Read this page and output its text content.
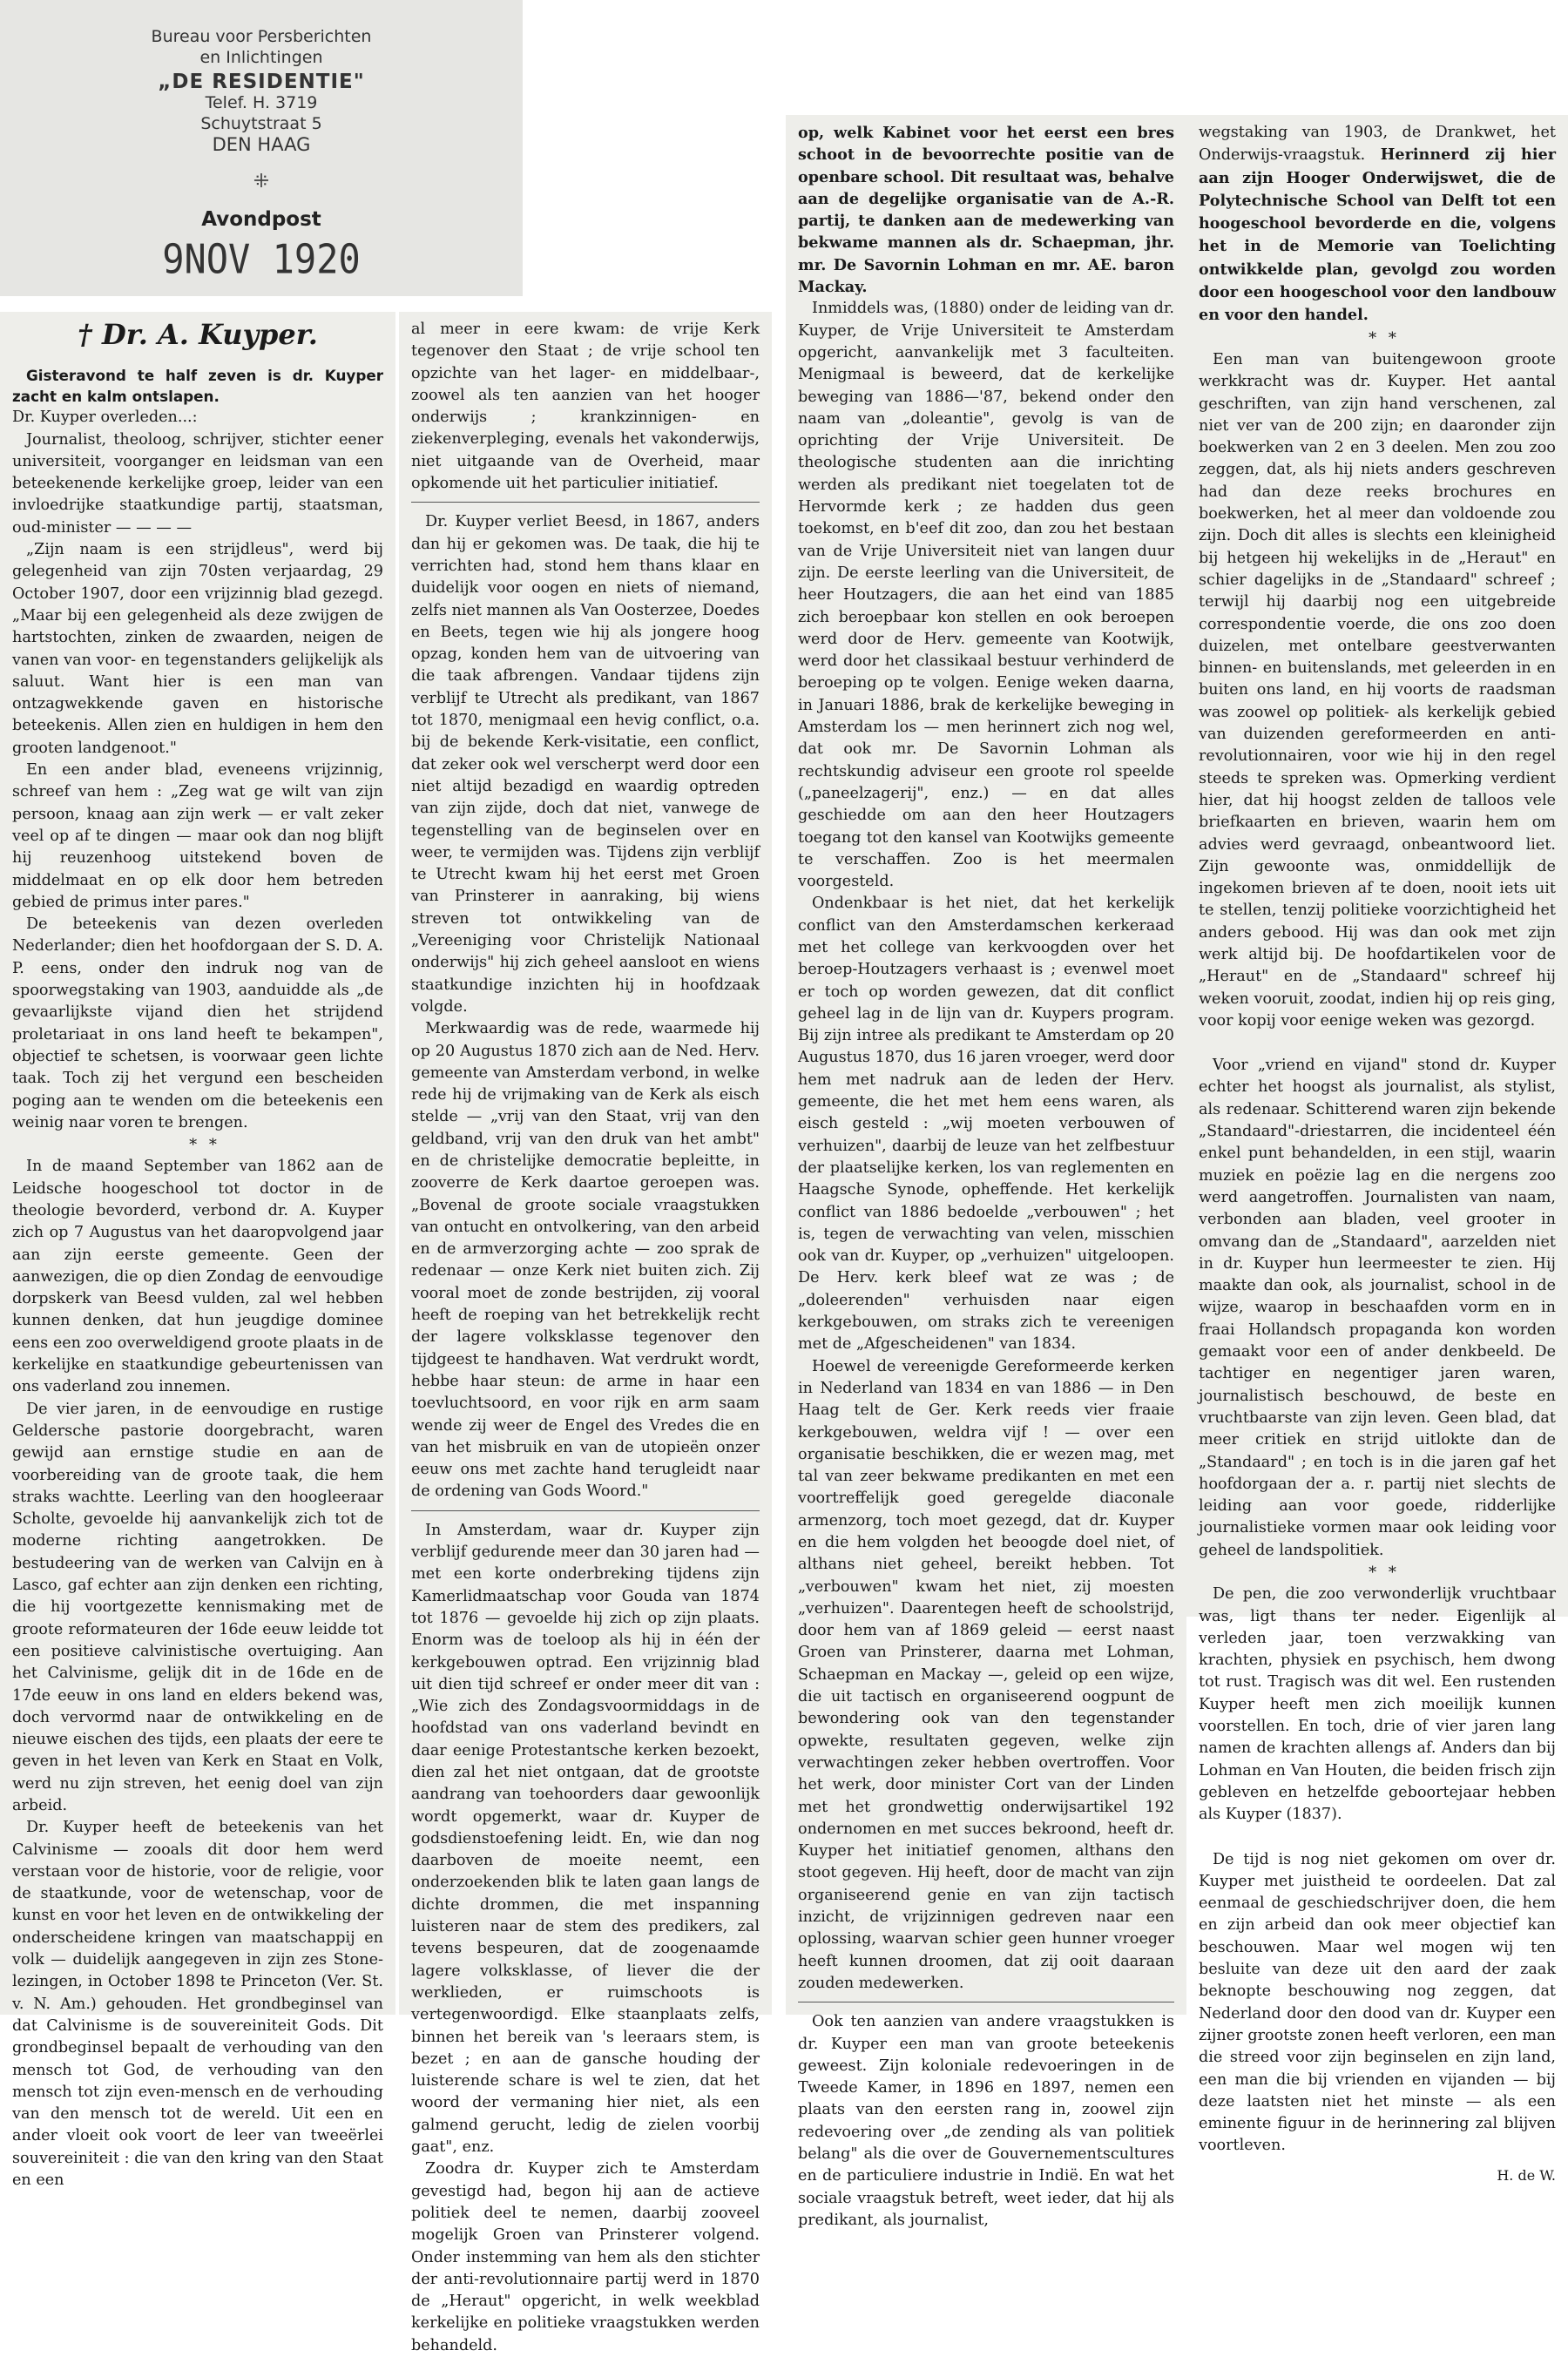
Bureau voor Persberichten

en Inlichtingen

„DE RESIDENTIE"

Telef. H. 3719

Schuytstraat 5

DEN HAAG

⁜

Avondpost

9NOV 1920

† Dr. A. Kuyper.

Gisteravond te half zeven is dr. Kuyper zacht en kalm ontslapen.

Dr. Kuyper overleden...:

Journalist, theoloog, schrijver, stichter eener universiteit, voorganger en leidsman van een beteekenende kerkelijke groep, leider van een invloedrijke staatkundige partij, staatsman, oud-minister — — — —

„Zijn naam is een strijdleus", werd bij gelegenheid van zijn 70sten verjaardag, 29 October 1907, door een vrijzinnig blad gezegd. „Maar bij een gelegenheid als deze zwijgen de hartstochten, zinken de zwaarden, neigen de vanen van voor- en tegenstanders gelijkelijk als saluut. Want hier is een man van ontzagwekkende gaven en historische beteekenis. Allen zien en huldigen in hem den grooten landgenoot."

En een ander blad, eveneens vrijzinnig, schreef van hem : „Zeg wat ge wilt van zijn persoon, knaag aan zijn werk — er valt zeker veel op af te dingen — maar ook dan nog blijft hij reuzenhoog uitstekend boven de middelmaat en op elk door hem betreden gebied de primus inter pares."

De beteekenis van dezen overleden Nederlander; dien het hoofdorgaan der S. D. A. P. eens, onder den indruk nog van de spoorwegstaking van 1903, aanduidde als „de gevaarlijkste vijand dien het strijdend proletariaat in ons land heeft te bekampen", objectief te schetsen, is voorwaar geen lichte taak. Toch zij het vergund een bescheiden poging aan te wenden om die beteekenis een weinig naar voren te brengen.

* *

In de maand September van 1862 aan de Leidsche hoogeschool tot doctor in de theologie bevorderd, verbond dr. A. Kuyper zich op 7 Augustus van het daaropvolgend jaar aan zijn eerste gemeente. Geen der aanwezigen, die op dien Zondag de eenvoudige dorpskerk van Beesd vulden, zal wel hebben kunnen denken, dat hun jeugdige dominee eens een zoo overweldigend groote plaats in de kerkelijke en staatkundige gebeurtenissen van ons vaderland zou innemen.

De vier jaren, in de eenvoudige en rustige Geldersche pastorie doorgebracht, waren gewijd aan ernstige studie en aan de voorbereiding van de groote taak, die hem straks wachtte. Leerling van den hoogleeraar Scholte, gevoelde hij aanvankelijk zich tot de moderne richting aangetrokken. De bestudeering van de werken van Calvijn en à Lasco, gaf echter aan zijn denken een richting, die hij voortgezette kennismaking met de groote reformateuren der 16de eeuw leidde tot een positieve calvinistische overtuiging. Aan het Calvinisme, gelijk dit in de 16de en de 17de eeuw in ons land en elders bekend was, doch vervormd naar de ontwikkeling en de nieuwe eischen des tijds, een plaats der eere te geven in het leven van Kerk en Staat en Volk, werd nu zijn streven, het eenig doel van zijn arbeid.

Dr. Kuyper heeft de beteekenis van het Calvinisme — zooals dit door hem werd verstaan voor de historie, voor de religie, voor de staatkunde, voor de wetenschap, voor de kunst en voor het leven en de ontwikkeling der onderscheidene kringen van maatschappij en volk — duidelijk aangegeven in zijn zes Stone-lezingen, in October 1898 te Princeton (Ver. St. v. N. Am.) gehouden. Het grondbeginsel van dat Calvinisme is de souvereiniteit Gods. Dit grondbeginsel bepaalt de verhouding van den mensch tot God, de verhouding van den mensch tot zijn even-mensch en de verhouding van den mensch tot de wereld. Uit een en ander vloeit ook voort de leer van tweeërlei souvereiniteit : die van den kring van den Staat en een

al meer in eere kwam: de vrije Kerk tegenover den Staat ; de vrije school ten opzichte van het lager- en middelbaar-, zoowel als ten aanzien van het hooger onderwijs ; krankzinnigen- en ziekenverpleging, evenals het vakonderwijs, niet uitgaande van de Overheid, maar opkomende uit het particulier initiatief.

Dr. Kuyper verliet Beesd, in 1867, anders dan hij er gekomen was. De taak, die hij te verrichten had, stond hem thans klaar en duidelijk voor oogen en niets of niemand, zelfs niet mannen als Van Oosterzee, Doedes en Beets, tegen wie hij als jongere hoog opzag, konden hem van de uitvoering van die taak afbrengen. Vandaar tijdens zijn verblijf te Utrecht als predikant, van 1867 tot 1870, menigmaal een hevig conflict, o.a. bij de bekende Kerk-visitatie, een conflict, dat zeker ook wel verscherpt werd door een niet altijd bezadigd en waardig optreden van zijn zijde, doch dat niet, vanwege de tegenstelling van de beginselen over en weer, te vermijden was. Tijdens zijn verblijf te Utrecht kwam hij het eerst met Groen van Prinsterer in aanraking, bij wiens streven tot ontwikkeling van de „Vereeniging voor Christelijk Nationaal onderwijs" hij zich geheel aansloot en wiens staatkundige inzichten hij in hoofdzaak volgde.

Merkwaardig was de rede, waarmede hij op 20 Augustus 1870 zich aan de Ned. Herv. gemeente van Amsterdam verbond, in welke rede hij de vrijmaking van de Kerk als eisch stelde — „vrij van den Staat, vrij van den geldband, vrij van den druk van het ambt" en de christelijke democratie bepleitte, in zooverre de Kerk daartoe geroepen was. „Bovenal de groote sociale vraagstukken van ontucht en ontvolkering, van den arbeid en de armverzorging achte — zoo sprak de redenaar — onze Kerk niet buiten zich. Zij vooral moet de zonde bestrijden, zij vooral heeft de roeping van het betrekkelijk recht der lagere volksklasse tegenover den tijdgeest te handhaven. Wat verdrukt wordt, hebbe haar steun: de arme in haar een toevluchtsoord, en voor rijk en arm saam wende zij weer de Engel des Vredes die en van het misbruik en van de utopieën onzer eeuw ons met zachte hand terugleidt naar de ordening van Gods Woord."

In Amsterdam, waar dr. Kuyper zijn verblijf gedurende meer dan 30 jaren had — met een korte onderbreking tijdens zijn Kamerlidmaatschap voor Gouda van 1874 tot 1876 — gevoelde hij zich op zijn plaats. Enorm was de toeloop als hij in één der kerkgebouwen optrad. Een vrijzinnig blad uit dien tijd schreef er onder meer dit van : „Wie zich des Zondagsvoormiddags in de hoofdstad van ons vaderland bevindt en daar eenige Protestantsche kerken bezoekt, dien zal het niet ontgaan, dat de grootste aandrang van toehoorders daar gewoonlijk wordt opgemerkt, waar dr. Kuyper de godsdienstoefening leidt. En, wie dan nog daarboven de moeite neemt, een onderzoekenden blik te laten gaan langs de dichte drommen, die met inspanning luisteren naar de stem des predikers, zal tevens bespeuren, dat de zoogenaamde lagere volksklasse, of liever die der werklieden, er ruimschoots is vertegenwoordigd. Elke staanplaats zelfs, binnen het bereik van 's leeraars stem, is bezet ; en aan de gansche houding der luisterende schare is wel te zien, dat het woord der vermaning hier niet, als een galmend gerucht, ledig de zielen voorbij gaat", enz.

Zoodra dr. Kuyper zich te Amsterdam gevestigd had, begon hij aan de actieve politiek deel te nemen, daarbij zooveel mogelijk Groen van Prinsterer volgend. Onder instemming van hem als den stichter der anti-revolutionnaire partij werd in 1870 de „Heraut" opgericht, in welk weekblad kerkelijke en politieke vraagstukken werden behandeld.

op, welk Kabinet voor het eerst een bres schoot in de bevoorrechte positie van de openbare school. Dit resultaat was, behalve aan de degelijke organisatie van de A.-R. partij, te danken aan de medewerking van bekwame mannen als dr. Schaepman, jhr. mr. De Savornin Lohman en mr. AE. baron Mackay.

Inmiddels was, (1880) onder de leiding van dr. Kuyper, de Vrije Universiteit te Amsterdam opgericht, aanvankelijk met 3 faculteiten. Menigmaal is beweerd, dat de kerkelijke beweging van 1886—'87, bekend onder den naam van „doleantie", gevolg is van de oprichting der Vrije Universiteit. De theologische studenten aan die inrichting werden als predikant niet toegelaten tot de Hervormde kerk ; ze hadden dus geen toekomst, en b'eef dit zoo, dan zou het bestaan van de Vrije Universiteit niet van langen duur zijn. De eerste leerling van die Universiteit, de heer Houtzagers, die aan het eind van 1885 zich beroepbaar kon stellen en ook beroepen werd door de Herv. gemeente van Kootwijk, werd door het classikaal bestuur verhinderd de beroeping op te volgen. Eenige weken daarna, in Januari 1886, brak de kerkelijke beweging in Amsterdam los — men herinnert zich nog wel, dat ook mr. De Savornin Lohman als rechtskundig adviseur een groote rol speelde („paneelzagerij", enz.) — en dat alles geschiedde om aan den heer Houtzagers toegang tot den kansel van Kootwijks gemeente te verschaffen. Zoo is het meermalen voorgesteld.

Ondenkbaar is het niet, dat het kerkelijk conflict van den Amsterdamschen kerkeraad met het college van kerkvoogden over het beroep-Houtzagers verhaast is ; evenwel moet er toch op worden gewezen, dat dit conflict geheel lag in de lijn van dr. Kuypers program. Bij zijn intree als predikant te Amsterdam op 20 Augustus 1870, dus 16 jaren vroeger, werd door hem met nadruk aan de leden der Herv. gemeente, die het met hem eens waren, als eisch gesteld : „wij moeten verbouwen of verhuizen", daarbij de leuze van het zelfbestuur der plaatselijke kerken, los van reglementen en Haagsche Synode, opheffende. Het kerkelijk conflict van 1886 bedoelde „verbouwen" ; het is, tegen de verwachting van velen, misschien ook van dr. Kuyper, op „verhuizen" uitgeloopen. De Herv. kerk bleef wat ze was ; de „doleerenden" verhuisden naar eigen kerkgebouwen, om straks zich te vereenigen met de „Afgescheidenen" van 1834.

Hoewel de vereenigde Gereformeerde kerken in Nederland van 1834 en van 1886 — in Den Haag telt de Ger. Kerk reeds vier fraaie kerkgebouwen, weldra vijf ! — over een organisatie beschikken, die er wezen mag, met tal van zeer bekwame predikanten en met een voortreffelijk goed geregelde diaconale armenzorg, toch moet gezegd, dat dr. Kuyper en die hem volgden het beoogde doel niet, of althans niet geheel, bereikt hebben. Tot „verbouwen" kwam het niet, zij moesten „verhuizen". Daarentegen heeft de schoolstrijd, door hem van af 1869 geleid — eerst naast Groen van Prinsterer, daarna met Lohman, Schaepman en Mackay —, geleid op een wijze, die uit tactisch en organiseerend oogpunt de bewondering ook van den tegenstander opwekte, resultaten gegeven, welke zijn verwachtingen zeker hebben overtroffen. Voor het werk, door minister Cort van der Linden met het grondwettig onderwijsartikel 192 ondernomen en met succes bekroond, heeft dr. Kuyper het initiatief genomen, althans den stoot gegeven. Hij heeft, door de macht van zijn organiseerend genie en van zijn tactisch inzicht, de vrijzinnigen gedreven naar een oplossing, waarvan schier geen hunner vroeger heeft kunnen droomen, dat zij ooit daaraan zouden medewerken.

Ook ten aanzien van andere vraagstukken is dr. Kuyper een man van groote beteekenis geweest. Zijn koloniale redevoeringen in de Tweede Kamer, in 1896 en 1897, nemen een plaats van den eersten rang in, zoowel zijn redevoering over „de zending als van politiek belang" als die over de Gouvernementscultures en de particuliere industrie in Indië. En wat het sociale vraagstuk betreft, weet ieder, dat hij als predikant, als journalist,

wegstaking van 1903, de Drankwet, het Onderwijs-vraagstuk. Herinnerd zij hier aan zijn Hooger Onderwijswet, die de Polytechnische School van Delft tot een hoogeschool bevorderde en die, volgens het in de Memorie van Toelichting ontwikkelde plan, gevolgd zou worden door een hoogeschool voor den landbouw en voor den handel.

* *

Een man van buitengewoon groote werkkracht was dr. Kuyper. Het aantal geschriften, van zijn hand verschenen, zal niet ver van de 200 zijn; en daaronder zijn boekwerken van 2 en 3 deelen. Men zou zoo zeggen, dat, als hij niets anders geschreven had dan deze reeks brochures en boekwerken, het al meer dan voldoende zou zijn. Doch dit alles is slechts een kleinigheid bij hetgeen hij wekelijks in de „Heraut" en schier dagelijks in de „Standaard" schreef ; terwijl hij daarbij nog een uitgebreide correspondentie voerde, die ons zoo doen duizelen, met ontelbare geestverwanten binnen- en buitenslands, met geleerden in en buiten ons land, en hij voorts de raadsman was zoowel op politiek- als kerkelijk gebied van duizenden gereformeerden en anti-revolutionnairen, voor wie hij in den regel steeds te spreken was. Opmerking verdient hier, dat hij hoogst zelden de talloos vele briefkaarten en brieven, waarin hem om advies werd gevraagd, onbeantwoord liet. Zijn gewoonte was, onmiddellijk de ingekomen brieven af te doen, nooit iets uit te stellen, tenzij politieke voorzichtigheid het anders gebood. Hij was dan ook met zijn werk altijd bij. De hoofdartikelen voor de „Heraut" en de „Standaard" schreef hij weken vooruit, zoodat, indien hij op reis ging, voor kopij voor eenige weken was gezorgd.

Voor „vriend en vijand" stond dr. Kuyper echter het hoogst als journalist, als stylist, als redenaar. Schitterend waren zijn bekende „Standaard"-driestarren, die incidenteel één enkel punt behandelden, in een stijl, waarin muziek en poëzie lag en die nergens zoo werd aangetroffen. Journalisten van naam, verbonden aan bladen, veel grooter in omvang dan de „Standaard", aarzelden niet in dr. Kuyper hun leermeester te zien. Hij maakte dan ook, als journalist, school in de wijze, waarop in beschaafden vorm en in fraai Hollandsch propaganda kon worden gemaakt voor een of ander denkbeeld. De tachtiger en negentiger jaren waren, journalistisch beschouwd, de beste en vruchtbaarste van zijn leven. Geen blad, dat meer critiek en strijd uitlokte dan de „Standaard" ; en toch is in die jaren gaf het hoofdorgaan der a. r. partij niet slechts de leiding aan voor goede, ridderlijke journalistieke vormen maar ook leiding voor geheel de landspolitiek.

* *

De pen, die zoo verwonderlijk vruchtbaar was, ligt thans ter neder. Eigenlijk al verleden jaar, toen verzwakking van krachten, physiek en psychisch, hem dwong tot rust. Tragisch was dit wel. Een rustenden Kuyper heeft men zich moeilijk kunnen voorstellen. En toch, drie of vier jaren lang namen de krachten allengs af. Anders dan bij Lohman en Van Houten, die beiden frisch zijn gebleven en hetzelfde geboortejaar hebben als Kuyper (1837).

De tijd is nog niet gekomen om over dr. Kuyper met juistheid te oordeelen. Dat zal eenmaal de geschiedschrijver doen, die hem en zijn arbeid dan ook meer objectief kan beschouwen. Maar wel mogen wij ten besluite van deze uit den aard der zaak beknopte beschouwing nog zeggen, dat Nederland door den dood van dr. Kuyper een zijner grootste zonen heeft verloren, een man die streed voor zijn beginselen en zijn land, een man die bij vrienden en vijanden — bij deze laatsten niet het minste — als een eminente figuur in de herinnering zal blijven voortleven.

H. de W.
